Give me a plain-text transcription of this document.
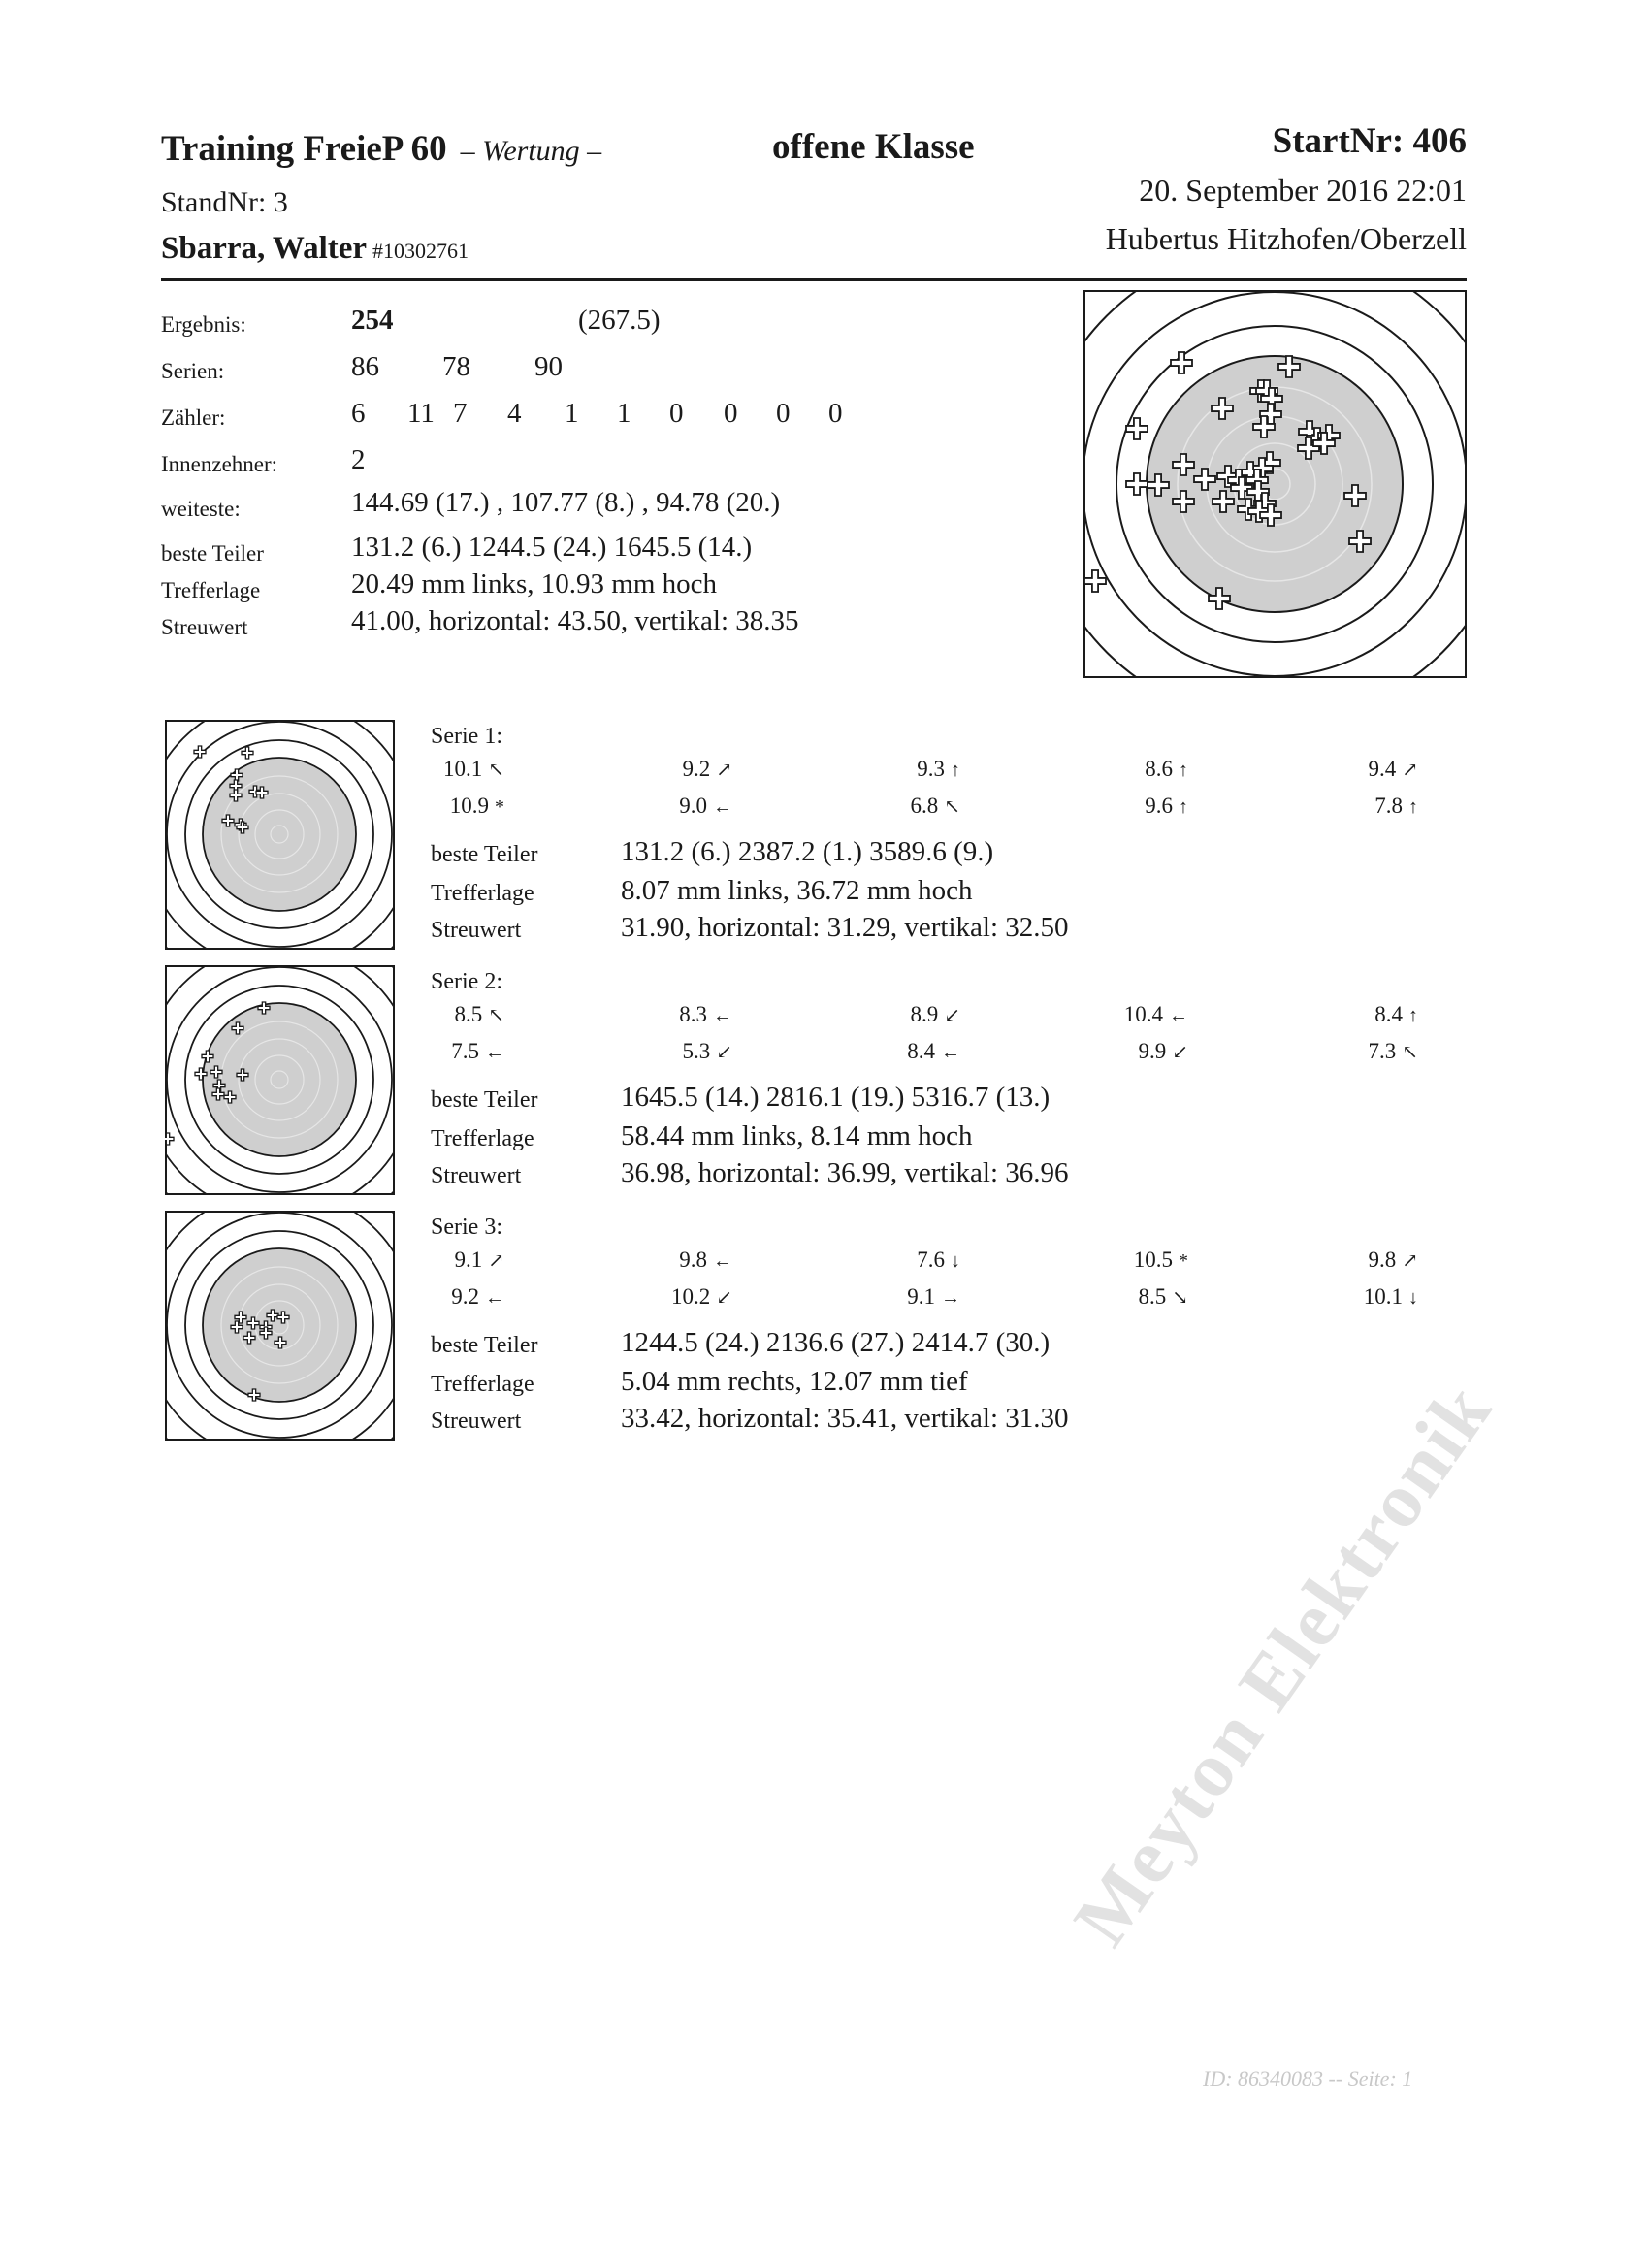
Training FreieP 60 – Wertung –	offene Klasse	StartNr: 406
StandNr: 3	20. September 2016 22:01
Sbarra, Walter #10302761	Hubertus Hitzhofen/Oberzell
Ergebnis:	254	(267.5)
Serien:	86 78 90
Zähler:	6 11 7 4 1 1 0 0 0 0
Innenzehner:	2
weiteste:	144.69 (17.) , 107.77 (8.) , 94.78 (20.)
beste Teiler	131.2 (6.) 1244.5 (24.) 1645.5 (14.)
Trefferlage	20.49 mm links, 10.93 mm hoch
Streuwert	41.00, horizontal: 43.50, vertikal: 38.35
Serie 1:
10.1 ↖	9.2 ↗	9.3 ↑	8.6 ↑	9.4 ↗
10.9 *	9.0 ←	6.8 ↖	9.6 ↑	7.8 ↑
beste Teiler	131.2 (6.) 2387.2 (1.) 3589.6 (9.)
Trefferlage	8.07 mm links, 36.72 mm hoch
Streuwert	31.90, horizontal: 31.29, vertikal: 32.50
Serie 2:
8.5 ↖	8.3 ←	8.9 ↙	10.4 ←	8.4 ↑
7.5 ←	5.3 ↙	8.4 ←	9.9 ↙	7.3 ↖
beste Teiler	1645.5 (14.) 2816.1 (19.) 5316.7 (13.)
Trefferlage	58.44 mm links, 8.14 mm hoch
Streuwert	36.98, horizontal: 36.99, vertikal: 36.96
Serie 3:
9.1 ↗	9.8 ←	7.6 ↓	10.5 *	9.8 ↗
9.2 ←	10.2 ↙	9.1 →	8.5 ↘	10.1 ↓
beste Teiler	1244.5 (24.) 2136.6 (27.) 2414.7 (30.)
Trefferlage	5.04 mm rechts, 12.07 mm tief
Streuwert	33.42, horizontal: 35.41, vertikal: 31.30
Meyton Elektronik
ID: 86340083 -- Seite: 1
